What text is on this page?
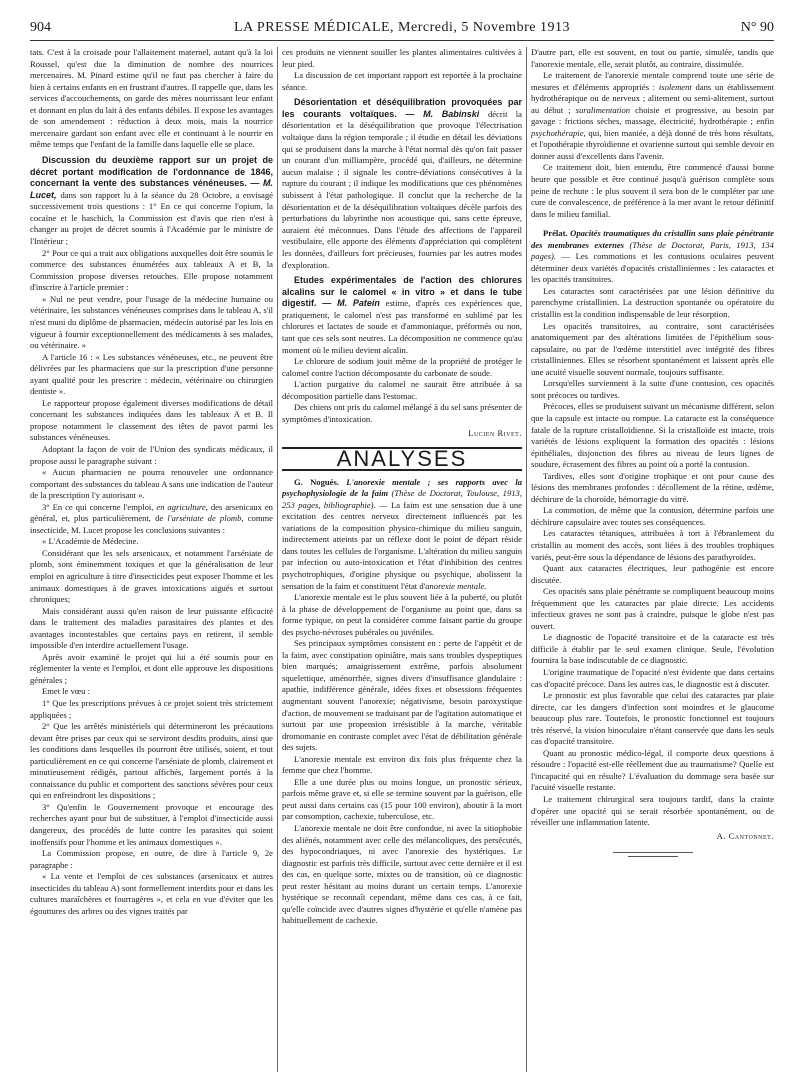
904	LA PRESSE MÉDICALE, Mercredi, 5 Novembre 1913	N° 90

tats. C'est à la croisade pour l'allaitement maternel, autant qu'à la loi Roussel, qu'est due la diminution de nombre des nourrices mercenaires. M. Pinard estime qu'il ne faut pas chercher à faire du bien à certains enfants en en frustrant d'autres. Il rappelle que, dans les services d'accouchements, on garde des mères nourrissant leur enfant et donnant en plus du lait à des enfants débiles. Il expose les avantages de son amendement : réduction à deux mois, mais la nourrice mercenaire gardant son enfant avec elle et continuant à le nourrir en même temps que l'enfant de la famille dans laquelle elle se place.

Discussion du deuxième rapport sur un projet de décret portant modification de l'ordonnance de 1846, concernant la vente des substances vénéneuses. — M. Lucet, dans son rapport lu à la séance du 28 Octobre, a envisagé successivement trois questions : 1° En ce qui concerne l'opium, la cocaïne et le haschich, la Commission est d'avis que rien n'est à changer au projet de décret soumis à l'Académie par le ministre de l'Intérieur ;

2° Pour ce qui a trait aux obligations auxquelles doit être soumis le commerce des substances énumérées aux tableaux A et B, la Commission propose diverses retouches. Elle propose notamment d'inscrire à l'article premier :

« Nul ne peut vendre, pour l'usage de la médecine humaine ou vétérinaire, les substances vénéneuses comprises dans le tableau A, s'il n'est muni du diplôme de pharmacien, médecin autorisé par les lois en vigueur à fournir exceptionnellement des médicaments à ses malades, ou vétérinaire. »

A l'article 16 : « Les substances vénéneuses, etc., ne peuvent être délivrées par les pharmaciens que sur la prescription d'une personne ayant qualité pour les prescrire : médecin, vétérinaire ou chirurgien dentiste ».

Le rapporteur propose également diverses modifications de détail concernant les substances indiquées dans les tableaux A et B. Il propose notamment le classement des têtes de pavot parmi les substances vénéneuses.

Adoptant la façon de voir de l'Union des syndicats médicaux, il propose aussi le paragraphe suivant :

« Aucun pharmacien ne pourra renouveler une ordonnance comportant des substances du tableau A sans une indication de l'auteur de la prescription l'y autorisant ».

3° En ce qui concerne l'emploi, en agriculture, des arsenicaux en général, et, plus particulièrement, de l'arséniate de plomb, comme insecticide, M. Lucet propose les conclusions suivantes :

« L'Académie de Médecine.

Considérant que les sels arsenicaux, et notamment l'arséniate de plomb, sont éminemment toxiques et que la généralisation de leur emploi en agriculture à titre d'insecticides peut exposer l'homme et les animaux domestiques à de graves intoxications aiguës et surtout chroniques;

Mais considérant aussi qu'en raison de leur puissante efficacité dans le traitement des maladies parasitaires des plantes et des avantages incontestables que certains pays en retirent, il semble impossible d'en interdire actuellement l'usage.

Après avoir examiné le projet qui lui a été soumis pour en réglementer la vente et l'emploi, et dont elle approuve les dispositions générales ;

Emet le vœu :

1° Que les prescriptions prévues à ce projet soient très strictement appliquées ;

2° Que les arrêtés ministériels qui détermineront les précautions devant être prises par ceux qui se serviront desdits produits, ainsi que les conditions dans lesquelles ils pourront être utilisés, soient, et tout particulièrement en ce qui concerne l'arséniate de plomb, clairement et minutieusement rédigés, partout affichés, largement portés à la connaissance du public et comportent des sanctions sévères pour ceux qui en enfreindront les dispositions ;

3° Qu'enfin le Gouvernement provoque et encourage des recherches ayant pour but de substituer, à l'emploi d'insecticide aussi dangereux, des procédés de lutte contre les parasites qui soient inoffensifs pour l'homme et les animaux domestiques ».

La Commission propose, en outre, de dire à l'article 9, 2e paragraphe :

« La vente et l'emploi de ces substances (arsenicaux et autres insecticides du tableau A) sont formellement interdits pour et dans les cultures maraîchères et fourragères », et cela en vue d'éviter que les égouttures des arbres ou des vignes traités par

ces produits ne viennent souiller les plantes alimentaires cultivées à leur pied.

La discussion de cet important rapport est reportée à la prochaine séance.

Désorientation et déséquilibration provoquées par les courants voltaïques. — M. Babinski décrit la désorientation et la déséquilibration que provoque l'électrisation voltaïque dans la région temporale ; il étudie en détail les déviations qui se produisent dans la marche à l'état normal dès qu'on fait passer un courant d'un milliampère, procédé qui, d'ailleurs, ne détermine aucun malaise ; il signale les contre-déviations consécutives à la rupture du courant ; il indique les modifications que ces phénomènes subissent à l'état pathologique. Il conclut que la recherche de la désorientation et de la déséquilibration voltaïques décèle parfois des perturbations du labyrinthe non acoustique qui, sans cette épreuve, auraient été méconnues. Dans l'étude des affections de l'appareil vestibulaire, elle apporte des éléments d'appréciation qui complètent les données, d'ailleurs fort précieuses, fournies par les autres modes d'exploration.
Etudes expérimentales de l'action des chlorures alcalins sur le calomel « in vitro » et dans le tube digestif. — M. Patein estime, d'après ces expériences que, pratiquement, le calomel n'est pas transformé en sublimé par les chlorures et lactates de soude et d'ammoniaque, préformés ou non, tant que ces sels sont neutres. La décomposition ne commence qu'au moment où le milieu devient alcalin.

Le chlorure de sodium jouit même de la propriété de protéger le calomel contre l'action décomposante du carbonate de soude.

L'action purgative du calomel ne saurait être attribuée à sa décomposition partielle dans l'estomac.

Des chiens ont pris du calomel mélangé à du sel sans présenter de symptômes d'intoxication.

Lucien Rivet.
ANALYSES

G. Nogués. L'anorexie mentale ; ses rapports avec la psychophysiologie de la faim (Thèse de Doctorat, Toulouse, 1913, 253 pages, bibliographie). — La faim est une sensation due à une excitation des centres nerveux directement influencés par les variations de la composition physico-chimique du milieu sanguin, indirectement atteints par un réflexe dont le point de départ réside dans toutes les cellules de l'organisme. L'altération du milieu sanguin par infection ou auto-intoxication et l'état d'inhibition des centres psychotrophiques, d'origine physique ou psychique, abolissent la sensation de la faim et constituent l'état d'anorexie mentale.

L'anorexie mentale est le plus souvent liée à la puberté, ou plutôt à la phase de développement de l'organisme au point que, dans sa forme typique, on peut la considérer comme faisant partie du groupe des psycho-névroses pubérales ou juvéniles.

Ses principaux symptômes consistent en : perte de l'appétit et de la faim, avec constipation opiniâtre, mais sans troubles dyspeptiques bien marqués; amaigrissement extrême, parfois absolument squelettique, aménorrhée, signes divers d'insuffisance glandulaire : apathie, indifférence générale, idées fixes et obsessions fréquentes augmentant souvent l'anorexie; négativisme, besoin paroxystique d'action, de mouvement se traduisant par de l'agitation automatique et surtout par une propension irrésistible à la marche, véritable dromomanie en contraste complet avec l'état de débilitation générale des sujets.

L'anorexie mentale est environ dix fois plus fréquente chez la femme que chez l'homme.

Elle a une durée plus ou moins longue, un pronostic sérieux, parfois même grave et, si elle se termine souvent par la guérison, elle peut aussi dans certains cas (15 pour 100 environ), aboutir à la mort par consomption, cachexie, tuberculose, etc.

L'anorexie mentale ne doit être confondue, ni avec la sitiophobie des aliénés, notamment avec celle des mélancoliques, des persécutés, des hypocondriaques, ni avec l'anorexie des hystériques. Le diagnostic est parfois très difficile, surtout avec cette dernière et il est des cas, en quelque sorte, mixtes ou de transition, où ce diagnostic peut rester hésitant au moins durant un certain temps. L'anorexie hystérique se reconnaît cependant, même dans ces cas, à ce fait, qu'elle coïncide avec d'autres signes d'hystérie et qu'elle n'amène pas habituellement de cachexie.

D'autre part, elle est souvent, en tout ou partie, simulée, tandis que l'anorexie mentale, elle, serait plutôt, au contraire, dissimulée.

Le traitement de l'anorexie mentale comprend toute une série de mesures et d'éléments appropriés : isolement dans un établissement hydrothérapique ou de nerveux ; alitement ou semi-alitement, surtout au début ; suralimentation choisie et progressive, au besoin par gavage : frictions sèches, massage, électricité, hydrothérapie ; enfin psychothérapie, qui, bien maniée, a déjà donné de très bons résultats, et l'opothérapie thyroïdienne et ovarienne surtout qui semble devoir en donner aussi d'excellents dans l'avenir.

Ce traitement doit, bien entendu, être commencé d'aussi bonne heure que possible et être continué jusqu'à guérison complète sous peine de rechute : le plus souvent il sera bon de le compléter par une cure de convalescence, de préférence à la mer avant le retour définitif dans le milieu familial.

Prélat. Opacités traumatiques du cristallin sans plaie pénétrante des membranes externes (Thèse de Doctorat, Paris, 1913, 134 pages). — Les commotions et les contusions oculaires peuvent déterminer deux variétés d'opacités cristalliniennes : les cataractes et les opacités transitoires.

Les cataractes sont caractérisées par une lésion définitive du parenchyme cristallinien. La destruction spontanée ou opératoire du cristallin est la condition indispensable de leur résorption.

Les opacités transitoires, au contraire, sont caractérisées anatomiquement par des altérations limitées de l'épithélium sous-capsulaire, ou par de l'œdème interstitiel avec intégrité des fibres cristalliniennes. Elles se résorbent spontanément et laissent après elle une acuité visuelle souvent normale, toujours suffisante.

Lorsqu'elles surviennent à la suite d'une contusion, ces opacités sont précoces ou tardives.

Précoces, elles se produisent suivant un mécanisme différent, selon que la capsule est intacte ou rompue. La cataracte est la conséquence fatale de la rupture cristalloïdienne. Si la cristalloïde est intacte, trois variétés de lésions expliquent la formation des opacités : lésions épithéliales, disjonction des fibres au niveau de leurs lignes de soudure, écrasement des fibres au point où a porté la contusion.

Tardives, elles sont d'origine trophique et ont pour cause des lésions des membranes profondes : décollement de la rétine, œdème, déchirure de la choroïde, hémorragie du vitré.

La commotion, de même que la contusion, détermine parfois une déchirure capsulaire avec toutes ses conséquences.

Les cataractes tétaniques, attribuées à tort à l'ébranlement du cristallin au moment des accès, sont liées à des troubles trophiques variés, peut-être sous la dépendance de lésions des parathyroïdes.

Quant aux cataractes électriques, leur pathogénie est encore discutée.

Ces opacités sans plaie pénétrante se compliquent beaucoup moins fréquemment que les cataractes par plaie directe. Les accidents infectieux graves ne sont pas à craindre, puisque le globe n'est pas ouvert.

Le diagnostic de l'opacité transitoire et de la cataracte est très difficile à établir par le seul examen clinique. Seule, l'évolution fournira la base indiscutable de ce diagnostic.

L'origine traumatique de l'opacité n'est évidente que dans certains cas d'opacité précoce. Dans les autres cas, le diagnostic est à discuter.

Le pronostic est plus favorable que celui des cataractes par plaie directe, car les dangers d'infection sont moindres et le glaucome beaucoup plus rare. Toutefois, le pronostic fonctionnel est toujours très réservé, la vision binoculaire n'étant conservée que dans les seuls cas d'opacité transitoire.

Quant au pronostic médico-légal, il comporte deux questions à résoudre : l'opacité est-elle réellement due au traumatisme? Quelle est l'incapacité qui en résulte? L'évaluation du dommage sera basée sur l'acuité visuelle restante.

Le traitement chirurgical sera toujours tardif, dans la crainte d'opérer une opacité qui se serait résorbée spontanément, ou de réveiller une inflammation latente.

A. Cantonnet.
